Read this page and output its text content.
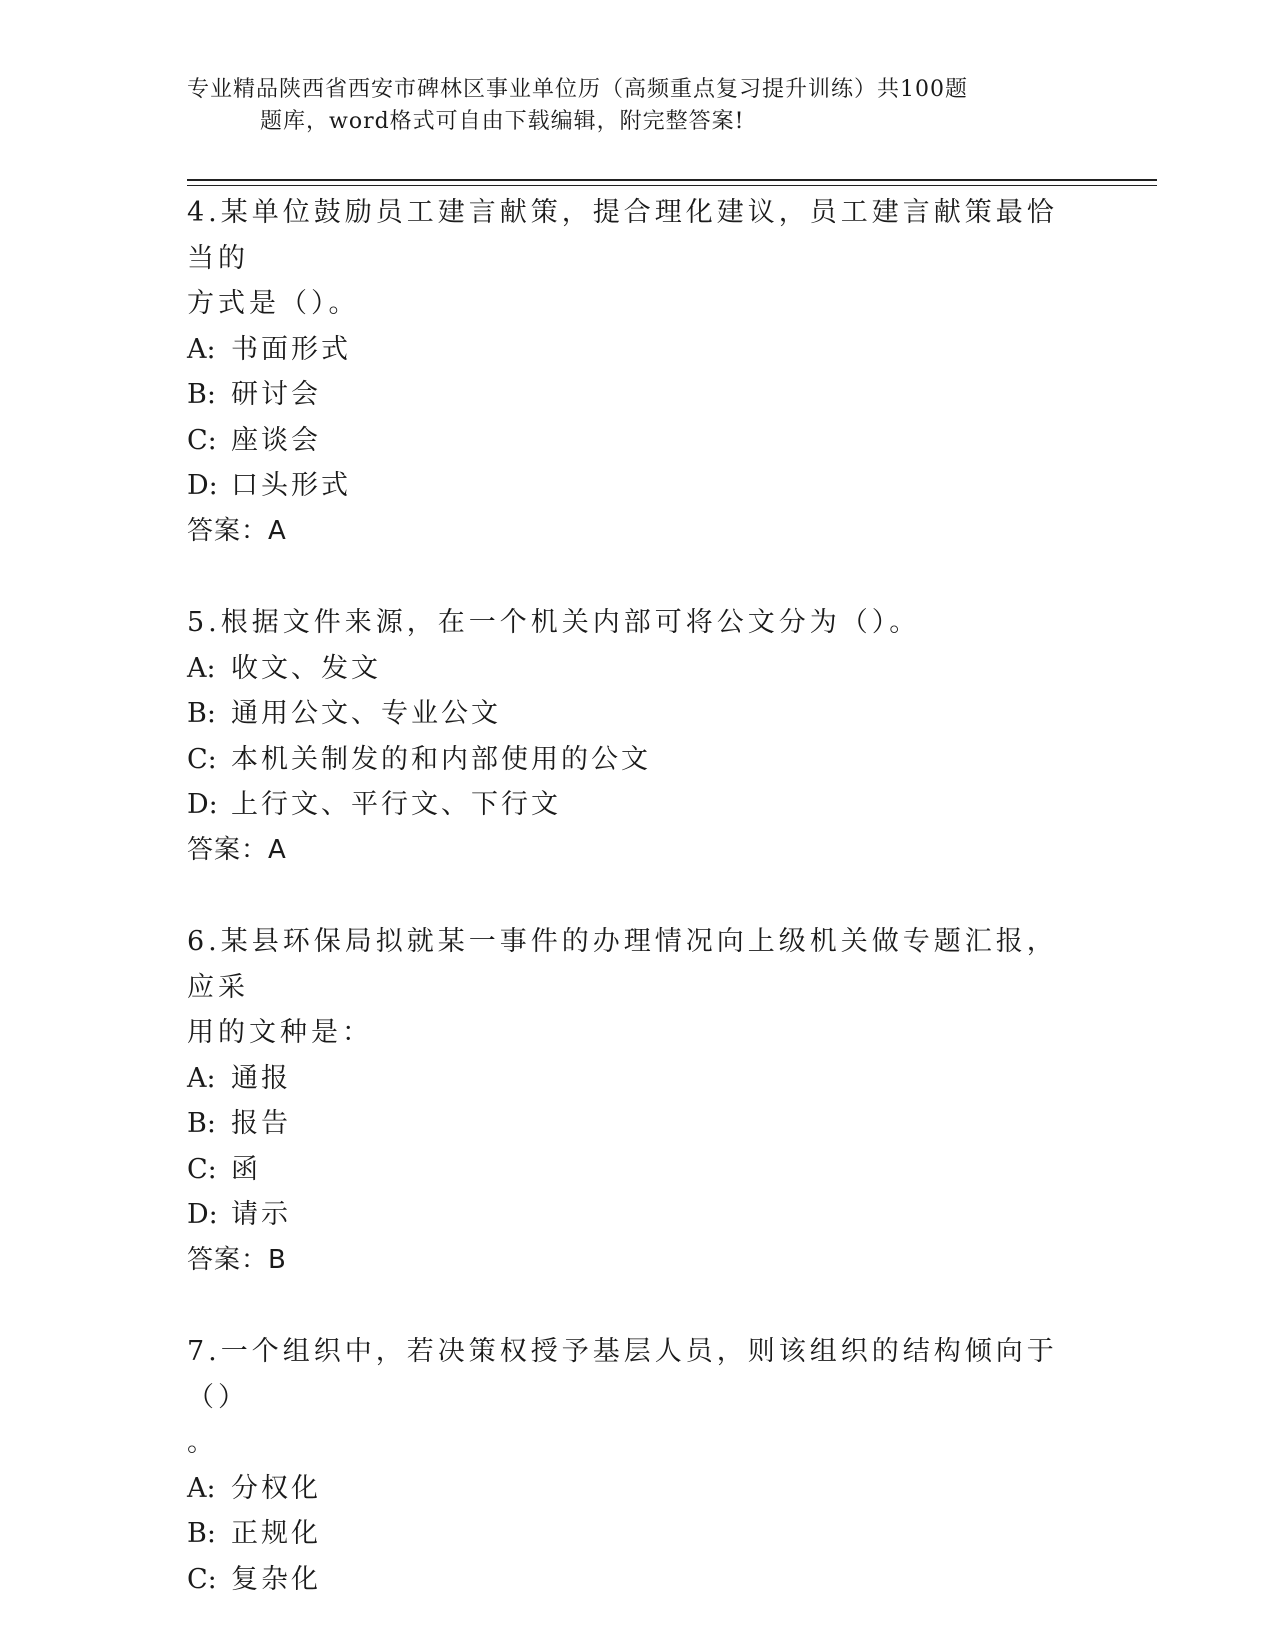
专业精品陕西省西安市碑林区事业单位历（高频重点复习提升训练）共100题
题库，word格式可自由下载编辑，附完整答案!
4.某单位鼓励员工建言献策，提合理化建议，员工建言献策最恰当的
方式是（）。
A: 书面形式
B: 研讨会
C: 座谈会
D: 口头形式
答案：A
5.根据文件来源，在一个机关内部可将公文分为（）。
A: 收文、发文
B: 通用公文、专业公文
C: 本机关制发的和内部使用的公文
D: 上行文、平行文、下行文
答案：A
6.某县环保局拟就某一事件的办理情况向上级机关做专题汇报，应采
用的文种是：
A: 通报
B: 报告
C: 函
D: 请示
答案：B
7.一个组织中，若决策权授予基层人员，则该组织的结构倾向于（）
。
A: 分权化
B: 正规化
C: 复杂化
